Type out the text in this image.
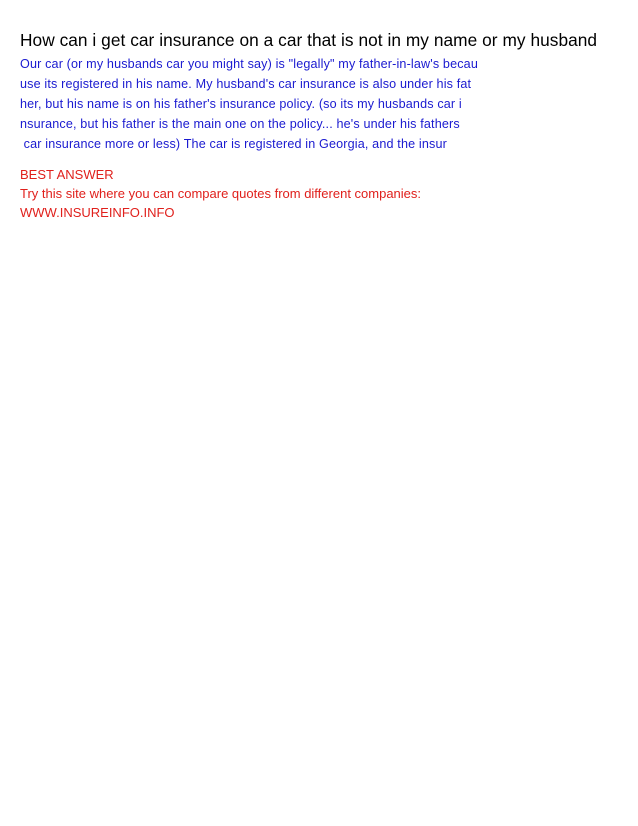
How can i get car insurance on a car that is not in my name or my husband
Our car (or my husbands car you might say) is "legally" my father-in-law's becau
use its registered in his name. My husband's car insurance is also under his fat
her, but his name is on his father's insurance policy. (so its my husbands car i
nsurance, but his father is the main one on the policy... he's under his fathers
car insurance more or less) The car is registered in Georgia, and the insur
BEST ANSWER
Try this site where you can compare quotes from different companies:
WWW.INSUREINFO.INFO
